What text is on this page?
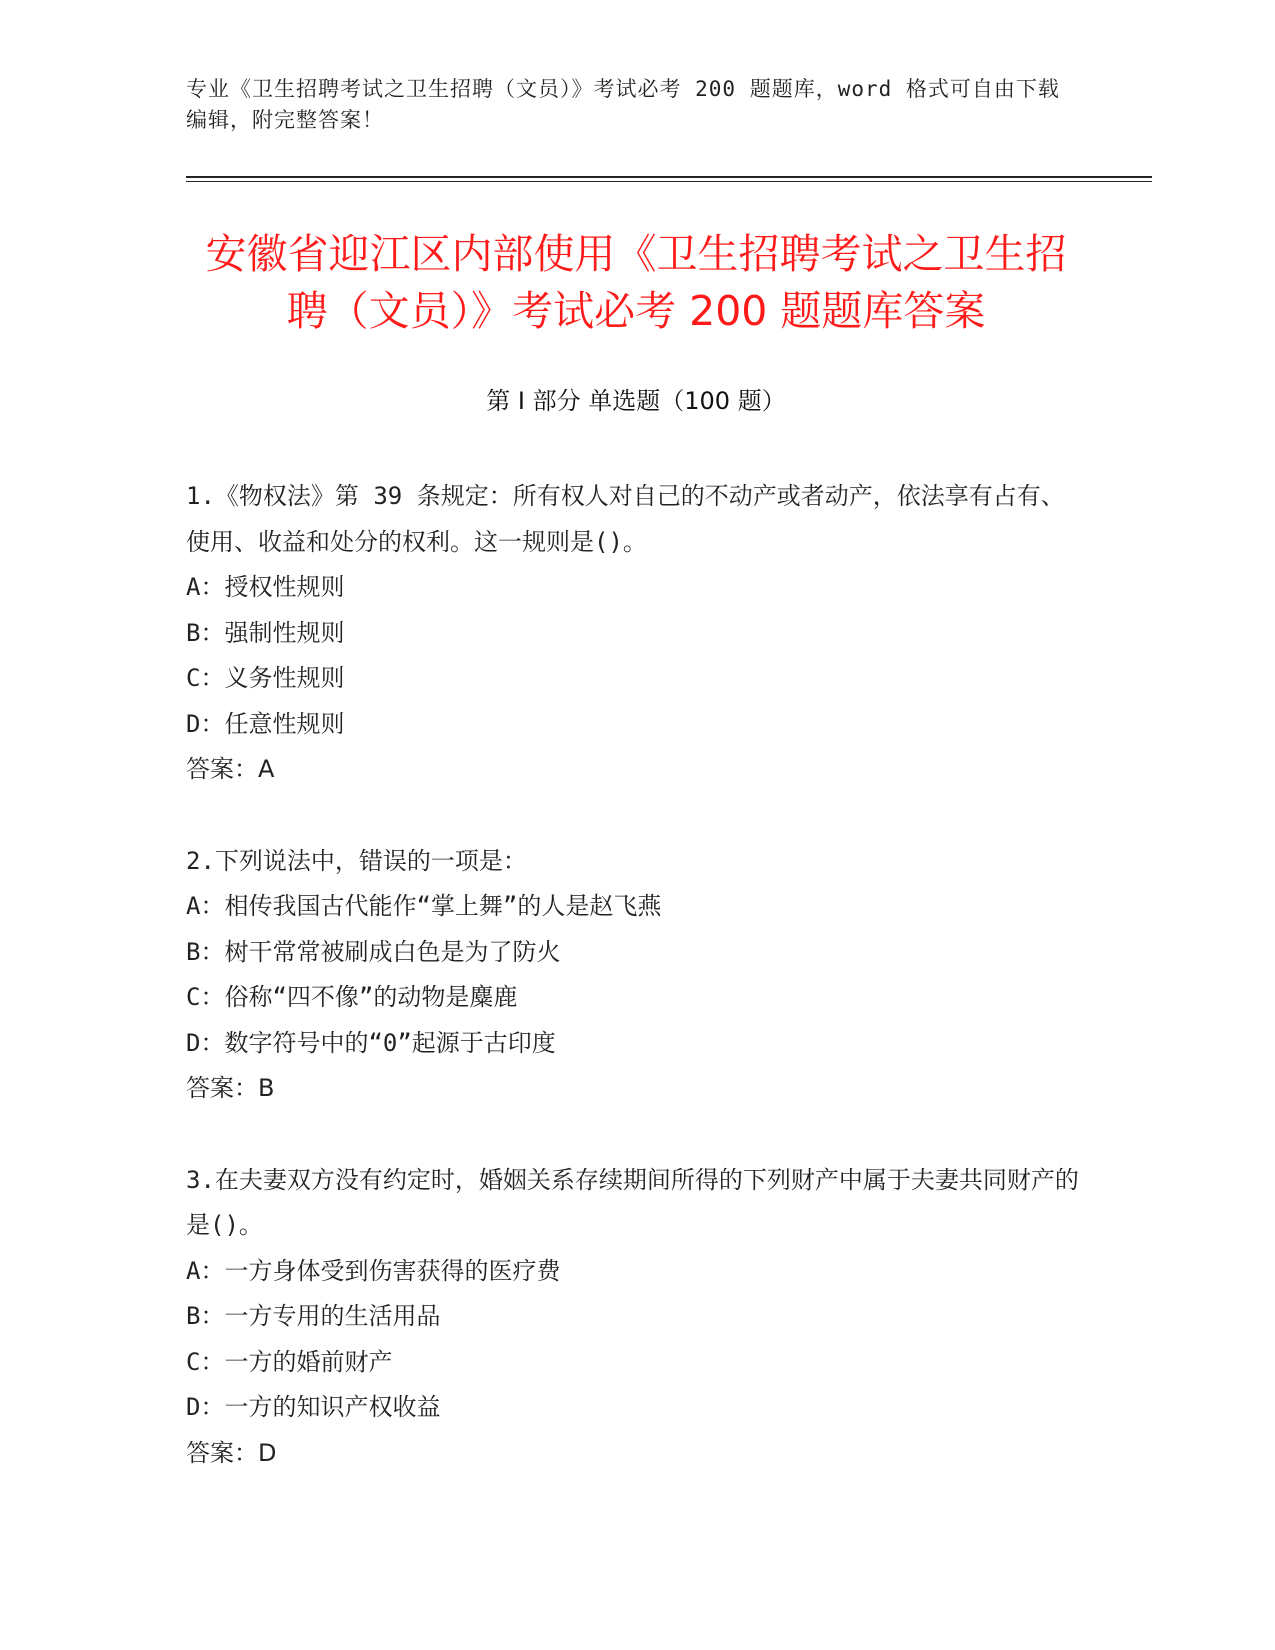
专业《卫生招聘考试之卫生招聘（文员）》考试必考 200 题题库，word 格式可自由下载编辑，附完整答案！
安徽省迎江区内部使用《卫生招聘考试之卫生招聘（文员）》考试必考 200 题题库答案
第 I 部分 单选题（100 题）

1.《物权法》第 39 条规定：所有权人对自己的不动产或者动产，依法享有占有、使用、收益和处分的权利。这一规则是()。

A：授权性规则

B：强制性规则

C：义务性规则

D：任意性规则

答案：A

2.下列说法中，错误的一项是：

A：相传我国古代能作“掌上舞”的人是赵飞燕

B：树干常常被刷成白色是为了防火

C：俗称“四不像”的动物是麋鹿

D：数字符号中的“0”起源于古印度

答案：B

3.在夫妻双方没有约定时，婚姻关系存续期间所得的下列财产中属于夫妻共同财产的是()。

A：一方身体受到伤害获得的医疗费

B：一方专用的生活用品

C：一方的婚前财产

D：一方的知识产权收益

答案：D
